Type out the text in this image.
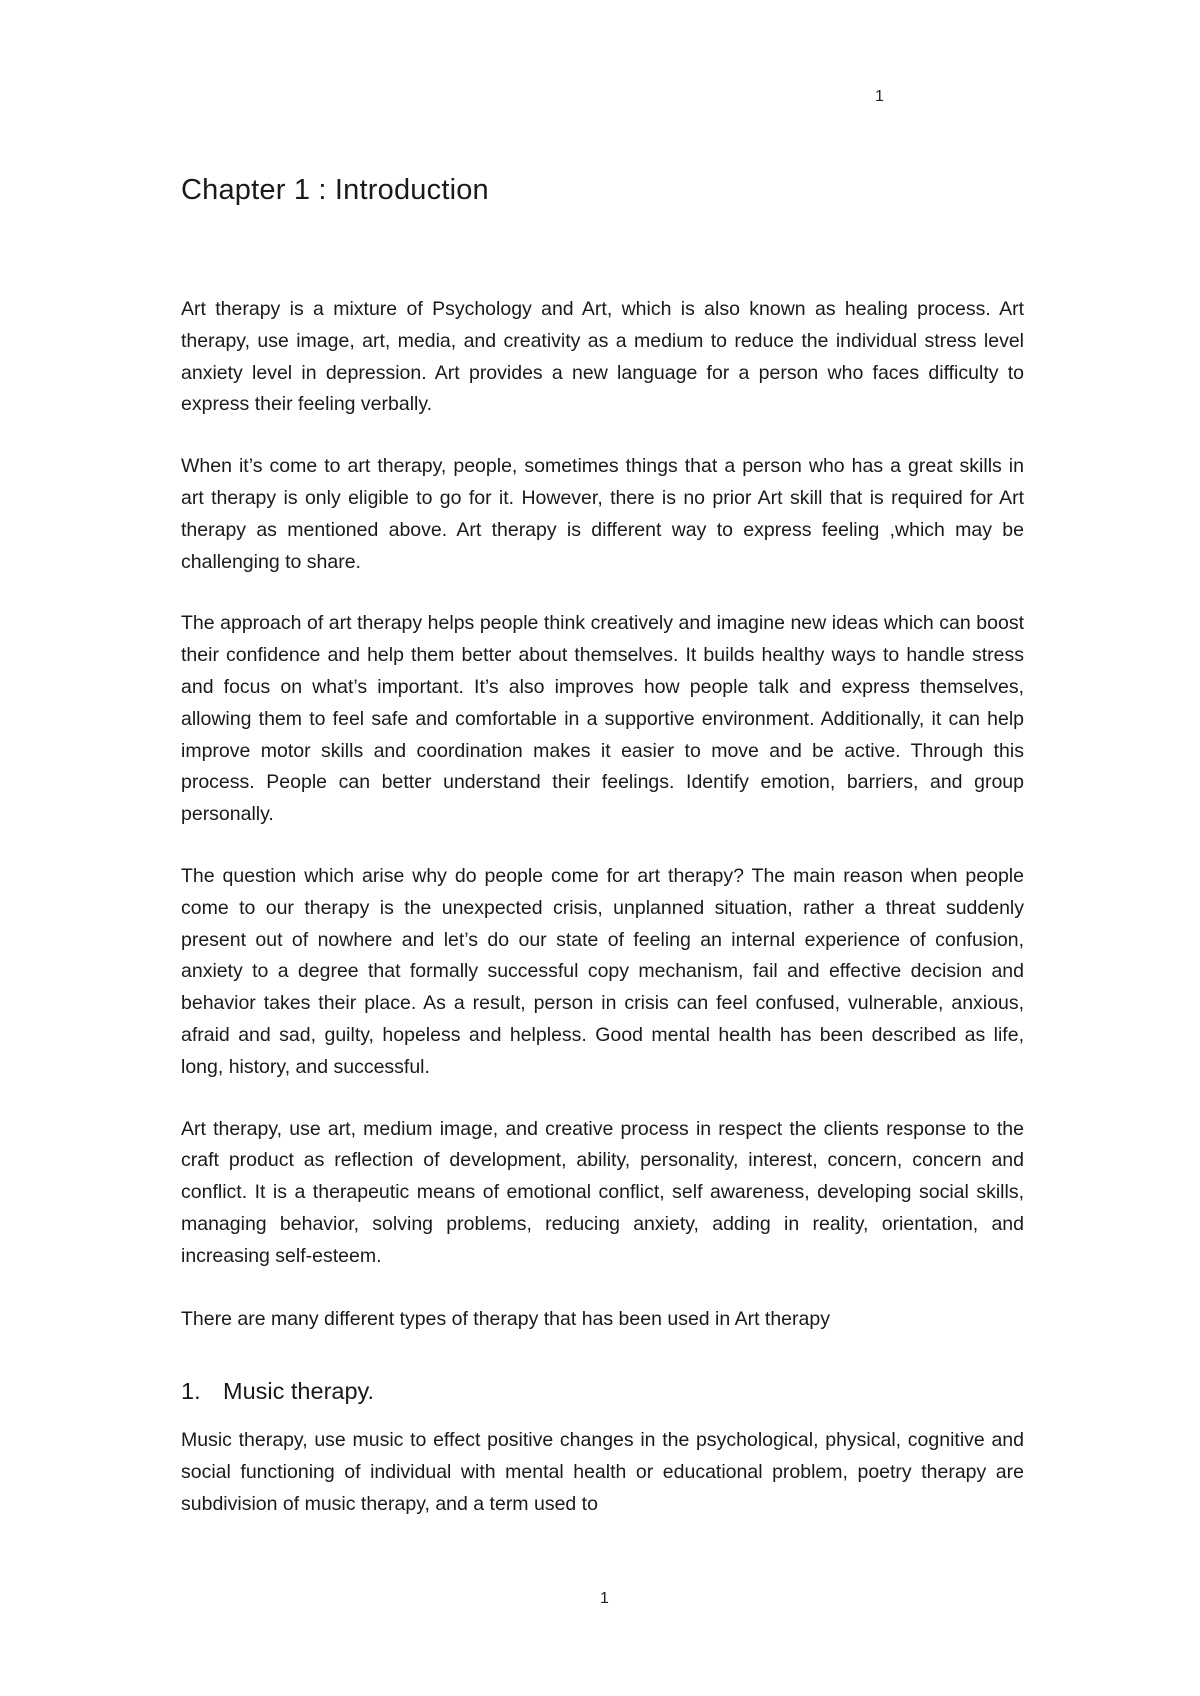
1
Chapter 1 : Introduction

Art therapy is a mixture of Psychology and Art, which is also known as healing process. Art therapy, use image, art, media, and creativity as a medium to reduce the individual stress level anxiety level in depression. Art provides a new language for a person who faces difficulty to express their feeling verbally.

When it’s come to art therapy, people, sometimes things that a person who has a great skills in art therapy is only eligible to go for it. However, there is no prior Art skill that is required for Art therapy as mentioned above. Art therapy is different way to express feeling ,which may be challenging to share.

The approach of art therapy helps people think creatively and imagine new ideas which can boost their confidence and help them better about themselves. It builds healthy ways to handle stress and focus on what’s important. It’s also improves how people talk and express themselves, allowing them to feel safe and comfortable in a supportive environment. Additionally, it can help improve motor skills and coordination makes it easier to move and be active. Through this process. People can better understand their feelings. Identify emotion, barriers, and group personally.

The question which arise why do people come for art therapy? The main reason when people come to our therapy is the unexpected crisis, unplanned situation, rather a threat suddenly present out of nowhere and let’s do our state of feeling an internal experience of confusion, anxiety to a degree that formally successful copy mechanism, fail and effective decision and behavior takes their place. As a result, person in crisis can feel confused, vulnerable, anxious, afraid and sad, guilty, hopeless and helpless. Good mental health has been described as life, long, history, and successful.

Art therapy, use art, medium image, and creative process in respect the clients response to the craft product as reflection of development, ability, personality, interest, concern, concern and conflict. It is a therapeutic means of emotional conflict, self awareness, developing social skills, managing behavior, solving problems, reducing anxiety, adding in reality, orientation, and increasing self-esteem.

There are many different types of therapy that has been used in Art therapy

1. Music therapy.

Music therapy, use music to effect positive changes in the psychological, physical, cognitive and social functioning of individual with mental health or educational problem, poetry therapy are subdivision of music therapy, and a term used to

1
